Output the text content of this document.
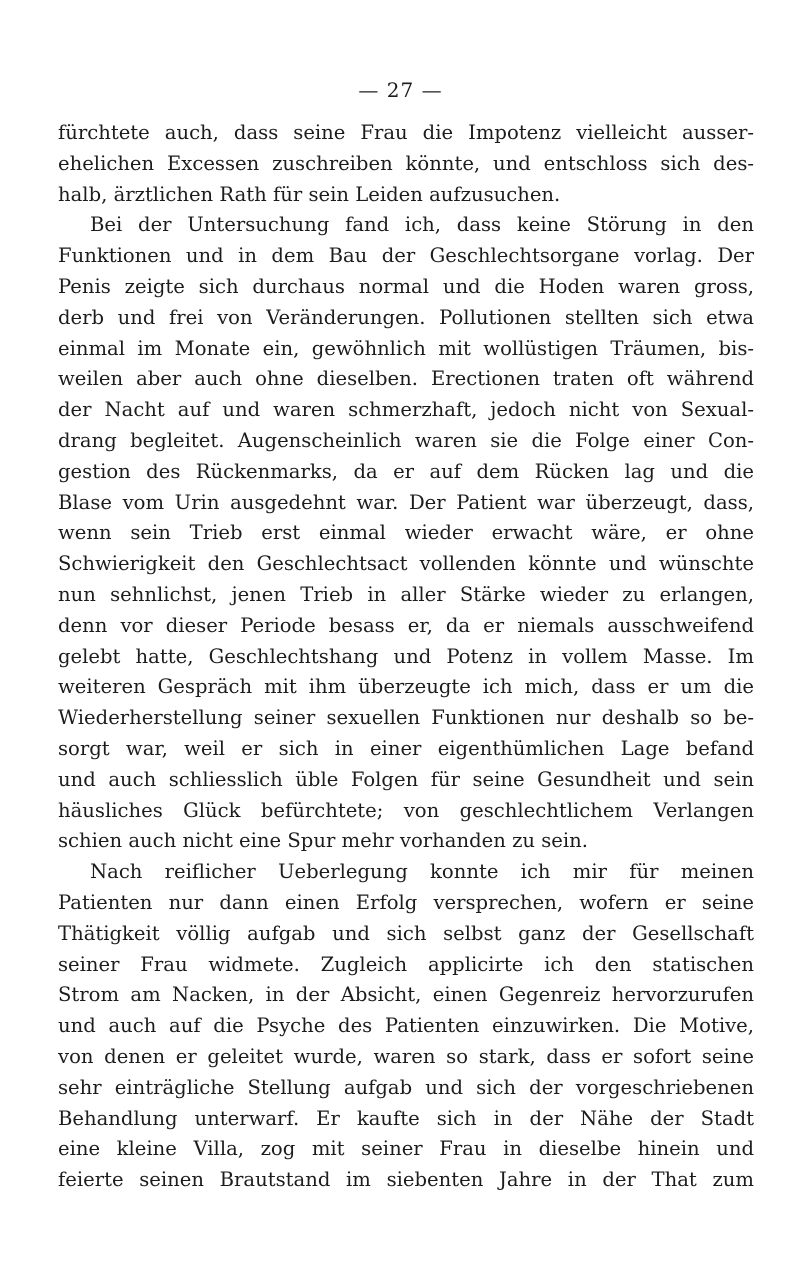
— 27 —
fürchtete auch, dass seine Frau die Impotenz vielleicht ausser-
ehelichen Excessen zuschreiben könnte, und entschloss sich des-
halb, ärztlichen Rath für sein Leiden aufzusuchen.
Bei der Untersuchung fand ich, dass keine Störung in den
Funktionen und in dem Bau der Geschlechtsorgane vorlag. Der
Penis zeigte sich durchaus normal und die Hoden waren gross,
derb und frei von Veränderungen. Pollutionen stellten sich etwa
einmal im Monate ein, gewöhnlich mit wollüstigen Träumen, bis-
weilen aber auch ohne dieselben. Erectionen traten oft während
der Nacht auf und waren schmerzhaft, jedoch nicht von Sexual-
drang begleitet. Augenscheinlich waren sie die Folge einer Con-
gestion des Rückenmarks, da er auf dem Rücken lag und die
Blase vom Urin ausgedehnt war. Der Patient war überzeugt, dass,
wenn sein Trieb erst einmal wieder erwacht wäre, er ohne
Schwierigkeit den Geschlechtsact vollenden könnte und wünschte
nun sehnlichst, jenen Trieb in aller Stärke wieder zu erlangen,
denn vor dieser Periode besass er, da er niemals ausschweifend
gelebt hatte, Geschlechtshang und Potenz in vollem Masse. Im
weiteren Gespräch mit ihm überzeugte ich mich, dass er um die
Wiederherstellung seiner sexuellen Funktionen nur deshalb so be-
sorgt war, weil er sich in einer eigenthümlichen Lage befand
und auch schliesslich üble Folgen für seine Gesundheit und sein
häusliches Glück befürchtete; von geschlechtlichem Verlangen
schien auch nicht eine Spur mehr vorhanden zu sein.
Nach reiflicher Ueberlegung konnte ich mir für meinen
Patienten nur dann einen Erfolg versprechen, wofern er seine
Thätigkeit völlig aufgab und sich selbst ganz der Gesellschaft
seiner Frau widmete. Zugleich applicirte ich den statischen
Strom am Nacken, in der Absicht, einen Gegenreiz hervorzurufen
und auch auf die Psyche des Patienten einzuwirken. Die Motive,
von denen er geleitet wurde, waren so stark, dass er sofort seine
sehr einträgliche Stellung aufgab und sich der vorgeschriebenen
Behandlung unterwarf. Er kaufte sich in der Nähe der Stadt
eine kleine Villa, zog mit seiner Frau in dieselbe hinein und
feierte seinen Brautstand im siebenten Jahre in der That zum
